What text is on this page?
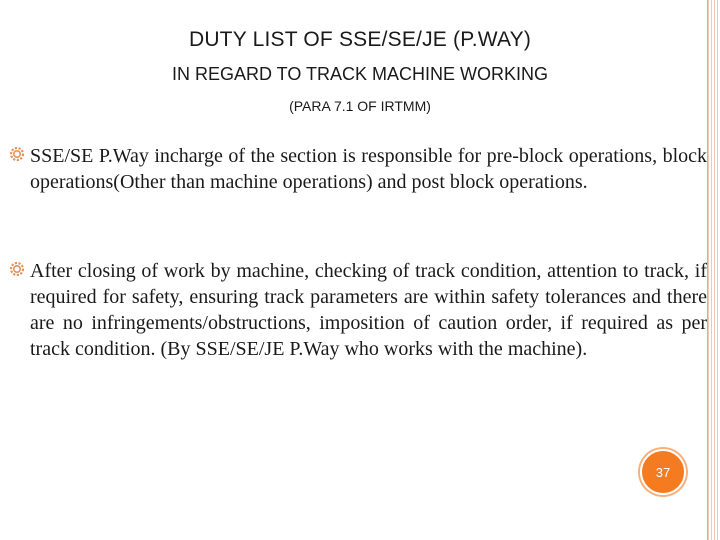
DUTY LIST OF SSE/SE/JE (P.WAY)
IN REGARD TO TRACK MACHINE WORKING
(PARA 7.1 OF IRTMM)
SSE/SE P.Way incharge of the section is responsible for pre-block operations, block operations(Other than machine operations) and post block operations.
After closing of work by machine, checking of track condition, attention to track, if required for safety, ensuring track parameters are within safety tolerances and there are no infringements/obstructions, imposition of caution order, if required as per track condition. (By SSE/SE/JE P.Way who works with the machine).
37
